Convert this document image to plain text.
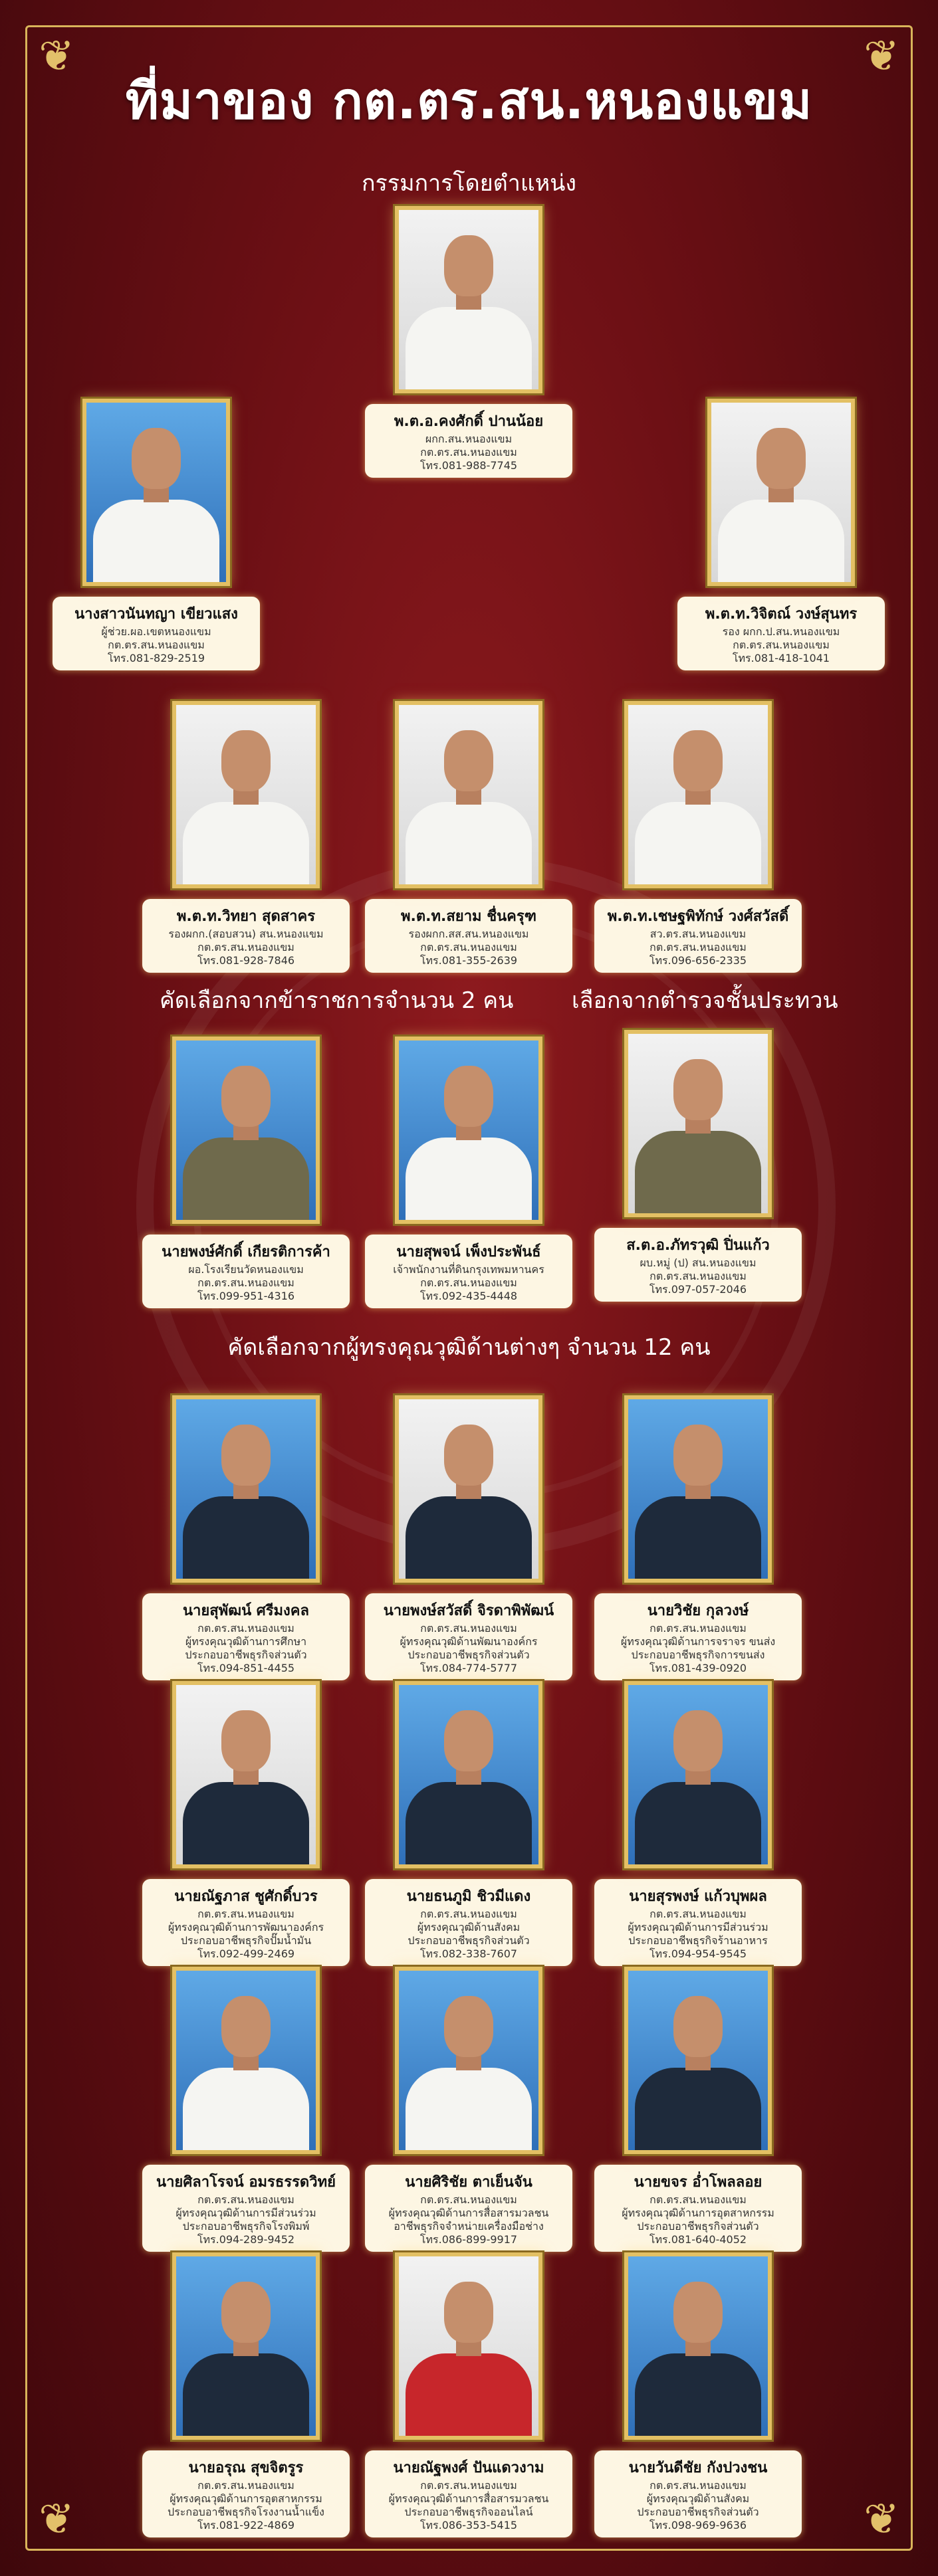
❦	❦
❦	❦
ที่มาของ กต.ตร.สน.หนองแขม
กรรมการโดยตำแหน่ง
คัดเลือกจากข้าราชการจำนวน 2 คน	เลือกจากตำรวจชั้นประทวน
คัดเลือกจากผู้ทรงคุณวุฒิด้านต่างๆ จำนวน 12 คน
พ.ต.อ.คงศักดิ์ ปานน้อย
ผกก.สน.หนองแขม
กต.ตร.สน.หนองแขม
โทร.081-988-7745
นางสาวนันทญา เขียวแสง
ผู้ช่วย.ผอ.เขตหนองแขม
กต.ตร.สน.หนองแขม
โทร.081-829-2519
พ.ต.ท.วิจิตณ์ วงษ์สุนทร
รอง ผกก.ป.สน.หนองแขม
กต.ตร.สน.หนองแขม
โทร.081-418-1041
พ.ต.ท.วิทยา สุดสาคร
รองผกก.(สอบสวน) สน.หนองแขม
กต.ตร.สน.หนองแขม
โทร.081-928-7846
พ.ต.ท.สยาม ชื่นครุฑ
รองผกก.สส.สน.หนองแขม
กต.ตร.สน.หนองแขม
โทร.081-355-2639
พ.ต.ท.เชษฐพิทักษ์ วงศ์สวัสดิ์
สว.ตร.สน.หนองแขม
กต.ตร.สน.หนองแขม
โทร.096-656-2335
นายพงษ์ศักดิ์ เกียรติการค้า
ผอ.โรงเรียนวัดหนองแขม
กต.ตร.สน.หนองแขม
โทร.099-951-4316
นายสุพจน์ เพ็งประพันธ์
เจ้าพนักงานที่ดินกรุงเทพมหานคร
กต.ตร.สน.หนองแขม
โทร.092-435-4448
ส.ต.อ.ภัทรวุฒิ ปิ่นแก้ว
ผบ.หมู่ (ป) สน.หนองแขม
กต.ตร.สน.หนองแขม
โทร.097-057-2046
นายสุพัฒน์ ศรีมงคล
กต.ตร.สน.หนองแขม
ผู้ทรงคุณวุฒิด้านการศึกษา
ประกอบอาชีพธุรกิจส่วนตัว
โทร.094-851-4455
นายพงษ์สวัสดิ์ จิรดาพิพัฒน์
กต.ตร.สน.หนองแขม
ผู้ทรงคุณวุฒิด้านพัฒนาองค์กร
ประกอบอาชีพธุรกิจส่วนตัว
โทร.084-774-5777
นายวิชัย กุลวงษ์
กต.ตร.สน.หนองแขม
ผู้ทรงคุณวุฒิด้านการจราจร ขนส่ง
ประกอบอาชีพธุรกิจการขนส่ง
โทร.081-439-0920
นายณัฐภาส ชูศักดิ์บวร
กต.ตร.สน.หนองแขม
ผู้ทรงคุณวุฒิด้านการพัฒนาองค์กร
ประกอบอาชีพธุรกิจปั๊มน้ำมัน
โทร.092-499-2469
นายธนภูมิ ชิวมีแดง
กต.ตร.สน.หนองแขม
ผู้ทรงคุณวุฒิด้านสังคม
ประกอบอาชีพธุรกิจส่วนตัว
โทร.082-338-7607
นายสุรพงษ์ แก้วบุพผล
กต.ตร.สน.หนองแขม
ผู้ทรงคุณวุฒิด้านการมีส่วนร่วม
ประกอบอาชีพธุรกิจร้านอาหาร
โทร.094-954-9545
นายศิลาโรจน์ อมรธรรดวิทย์
กต.ตร.สน.หนองแขม
ผู้ทรงคุณวุฒิด้านการมีส่วนร่วม
ประกอบอาชีพธุรกิจโรงพิมพ์
โทร.094-289-9452
นายศิริชัย ตาเย็นจัน
กต.ตร.สน.หนองแขม
ผู้ทรงคุณวุฒิด้านการสื่อสารมวลชน
อาชีพธุรกิจจำหน่ายเครื่องมือช่าง
โทร.086-899-9917
นายขจร อ่ำโพลลอย
กต.ตร.สน.หนองแขม
ผู้ทรงคุณวุฒิด้านการอุตสาหกรรม
ประกอบอาชีพธุรกิจส่วนตัว
โทร.081-640-4052
นายอรุณ สุขจิตรูร
กต.ตร.สน.หนองแขม
ผู้ทรงคุณวุฒิด้านการอุตสาหกรรม
ประกอบอาชีพธุรกิจโรงงานน้ำแข็ง
โทร.081-922-4869
นายณัฐพงศ์ ปันแดวงาม
กต.ตร.สน.หนองแขม
ผู้ทรงคุณวุฒิด้านการสื่อสารมวลชน
ประกอบอาชีพธุรกิจออนไลน์
โทร.086-353-5415
นายวันดีชัย กังปวงชน
กต.ตร.สน.หนองแขม
ผู้ทรงคุณวุฒิด้านสังคม
ประกอบอาชีพธุรกิจส่วนตัว
โทร.098-969-9636
